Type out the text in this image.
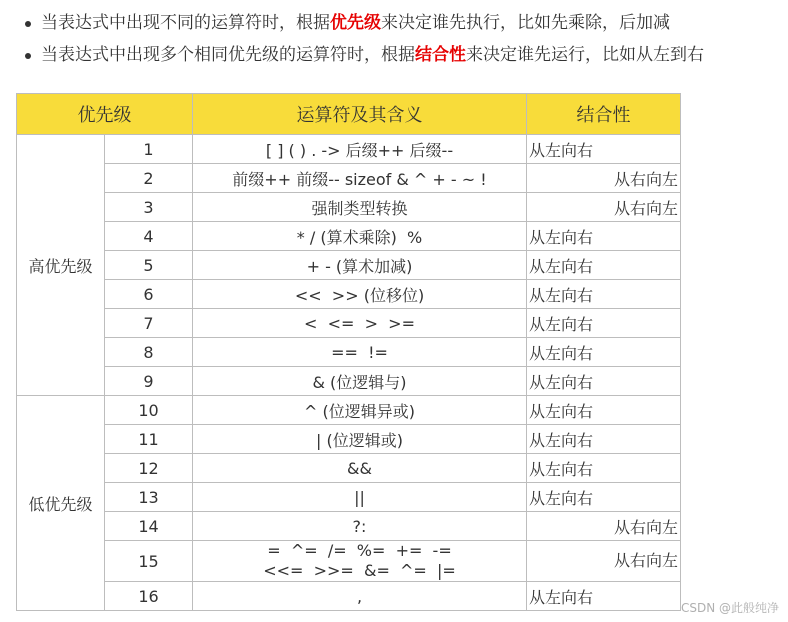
当表达式中出现不同的运算符时，根据优先级来决定谁先执行，比如先乘除，后加减
当表达式中出现多个相同优先级的运算符时，根据结合性来决定谁先运行，比如从左到右
优先级		运算符及其含义	结合性
高优先级	1	[ ] ( ) . -> 后缀++ 后缀--	从左向右
	2	前缀++ 前缀-- sizeof & ^ + - ~ !	从右向左
	3	强制类型转换	从右向左
	4	* / (算术乘除)  %	从左向右
	5	+ - (算术加减)	从左向右
	6	<<  >> (位移位)	从左向右
	7	<  <=  >  >=	从左向右
	8	==  !=	从左向右
	9	& (位逻辑与)	从左向右
低优先级	10	^ (位逻辑异或)	从左向右
	11	| (位逻辑或)	从左向右
	12	&&	从左向右
	13	||	从左向右
	14	?:	从右向左
	15	=  ^=  /=  %=  +=  -=
<<=  >>=  &=  ^=  |=	从右向左
	16	,	从左向右
CSDN @此般纯净
